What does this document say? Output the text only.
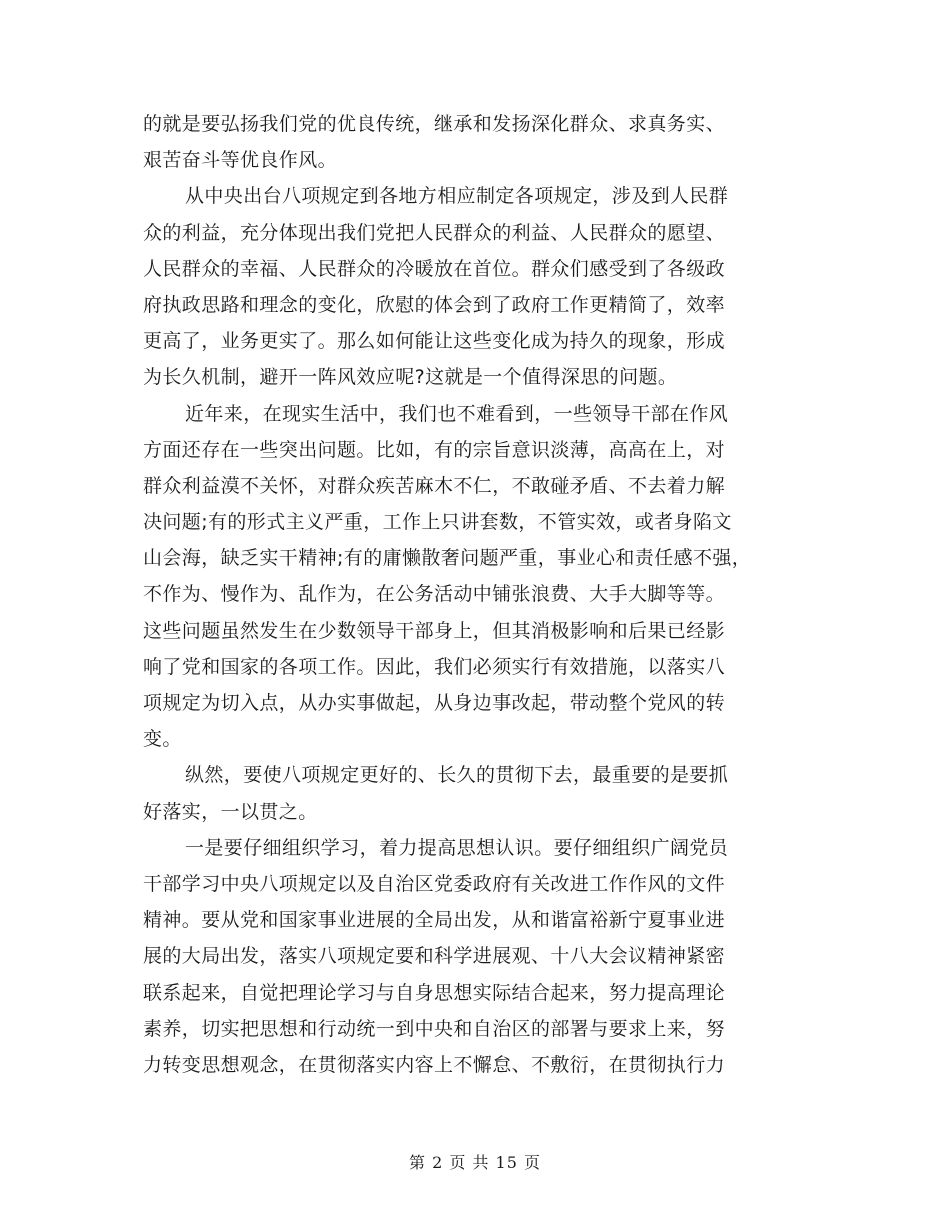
的就是要弘扬我们党的优良传统，继承和发扬深化群众、求真务实、
艰苦奋斗等优良作风。
从中央出台八项规定到各地方相应制定各项规定，涉及到人民群
众的利益，充分体现出我们党把人民群众的利益、人民群众的愿望、
人民群众的幸福、人民群众的冷暖放在首位。群众们感受到了各级政
府执政思路和理念的变化，欣慰的体会到了政府工作更精简了，效率
更高了，业务更实了。那么如何能让这些变化成为持久的现象，形成
为长久机制，避开一阵风效应呢?这就是一个值得深思的问题。
近年来，在现实生活中，我们也不难看到，一些领导干部在作风
方面还存在一些突出问题。比如，有的宗旨意识淡薄，高高在上，对
群众利益漠不关怀，对群众疾苦麻木不仁，不敢碰矛盾、不去着力解
决问题;有的形式主义严重，工作上只讲套数，不管实效，或者身陷文
山会海，缺乏实干精神;有的庸懒散奢问题严重，事业心和责任感不强，
不作为、慢作为、乱作为，在公务活动中铺张浪费、大手大脚等等。
这些问题虽然发生在少数领导干部身上，但其消极影响和后果已经影
响了党和国家的各项工作。因此，我们必须实行有效措施，以落实八
项规定为切入点，从办实事做起，从身边事改起，带动整个党风的转
变。
纵然，要使八项规定更好的、长久的贯彻下去，最重要的是要抓
好落实，一以贯之。
一是要仔细组织学习，着力提高思想认识。要仔细组织广阔党员
干部学习中央八项规定以及自治区党委政府有关改进工作作风的文件
精神。要从党和国家事业进展的全局出发，从和谐富裕新宁夏事业进
展的大局出发，落实八项规定要和科学进展观、十八大会议精神紧密
联系起来，自觉把理论学习与自身思想实际结合起来，努力提高理论
素养，切实把思想和行动统一到中央和自治区的部署与要求上来，努
力转变思想观念，在贯彻落实内容上不懈怠、不敷衍，在贯彻执行力
第 2 页 共 15 页
